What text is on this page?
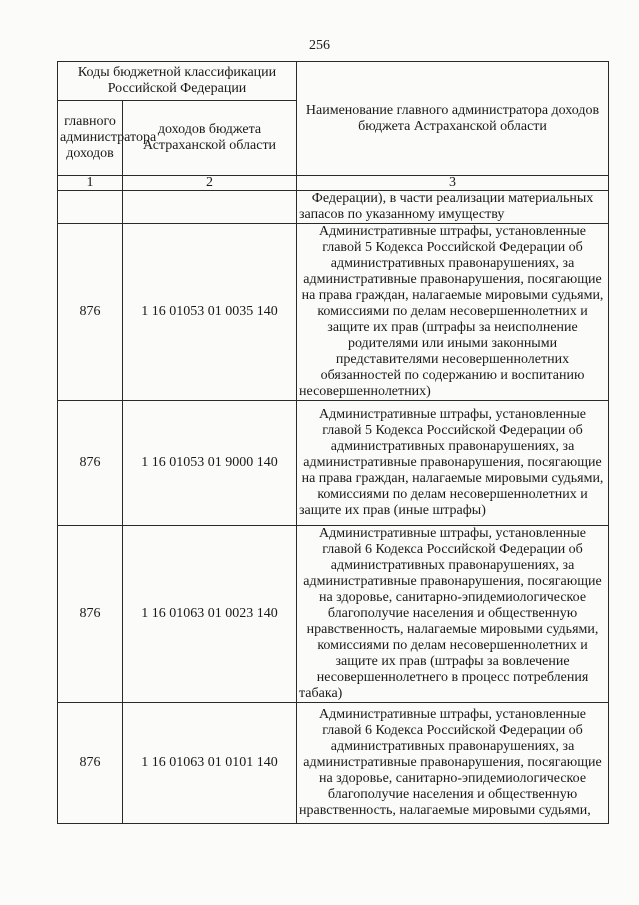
256
Коды бюджетной классификации Российской Федерации		Наименование главного администратора доходов бюджета Астраханской области
главного администратора доходов	доходов бюджета Астраханской области	
1	2	3
		Федерации), в части реализации материальных запасов по указанному имуществу
876	1 16 01053 01 0035 140	Административные штрафы, установленные главой 5 Кодекса Российской Федерации об административных правонарушениях, за административные правонарушения, посягающие на права граждан, налагаемые мировыми судьями, комиссиями по делам несовершеннолетних и защите их прав (штрафы за неисполнение родителями или иными законными представителями несовершеннолетних обязанностей по содержанию и воспитанию несовершеннолетних)
876	1 16 01053 01 9000 140	Административные штрафы, установленные главой 5 Кодекса Российской Федерации об административных правонарушениях, за административные правонарушения, посягающие на права граждан, налагаемые мировыми судьями, комиссиями по делам несовершеннолетних и защите их прав (иные штрафы)
876	1 16 01063 01 0023 140	Административные штрафы, установленные главой 6 Кодекса Российской Федерации об административных правонарушениях, за административные правонарушения, посягающие на здоровье, санитарно-эпидемиологическое благополучие населения и общественную нравственность, налагаемые мировыми судьями, комиссиями по делам несовершеннолетних и защите их прав (штрафы за вовлечение несовершеннолетнего в процесс потребления табака)
876	1 16 01063 01 0101 140	Административные штрафы, установленные главой 6 Кодекса Российской Федерации об административных правонарушениях, за административные правонарушения, посягающие на здоровье, санитарно-эпидемиологическое благополучие населения и общественную нравственность, налагаемые мировыми судьями,
